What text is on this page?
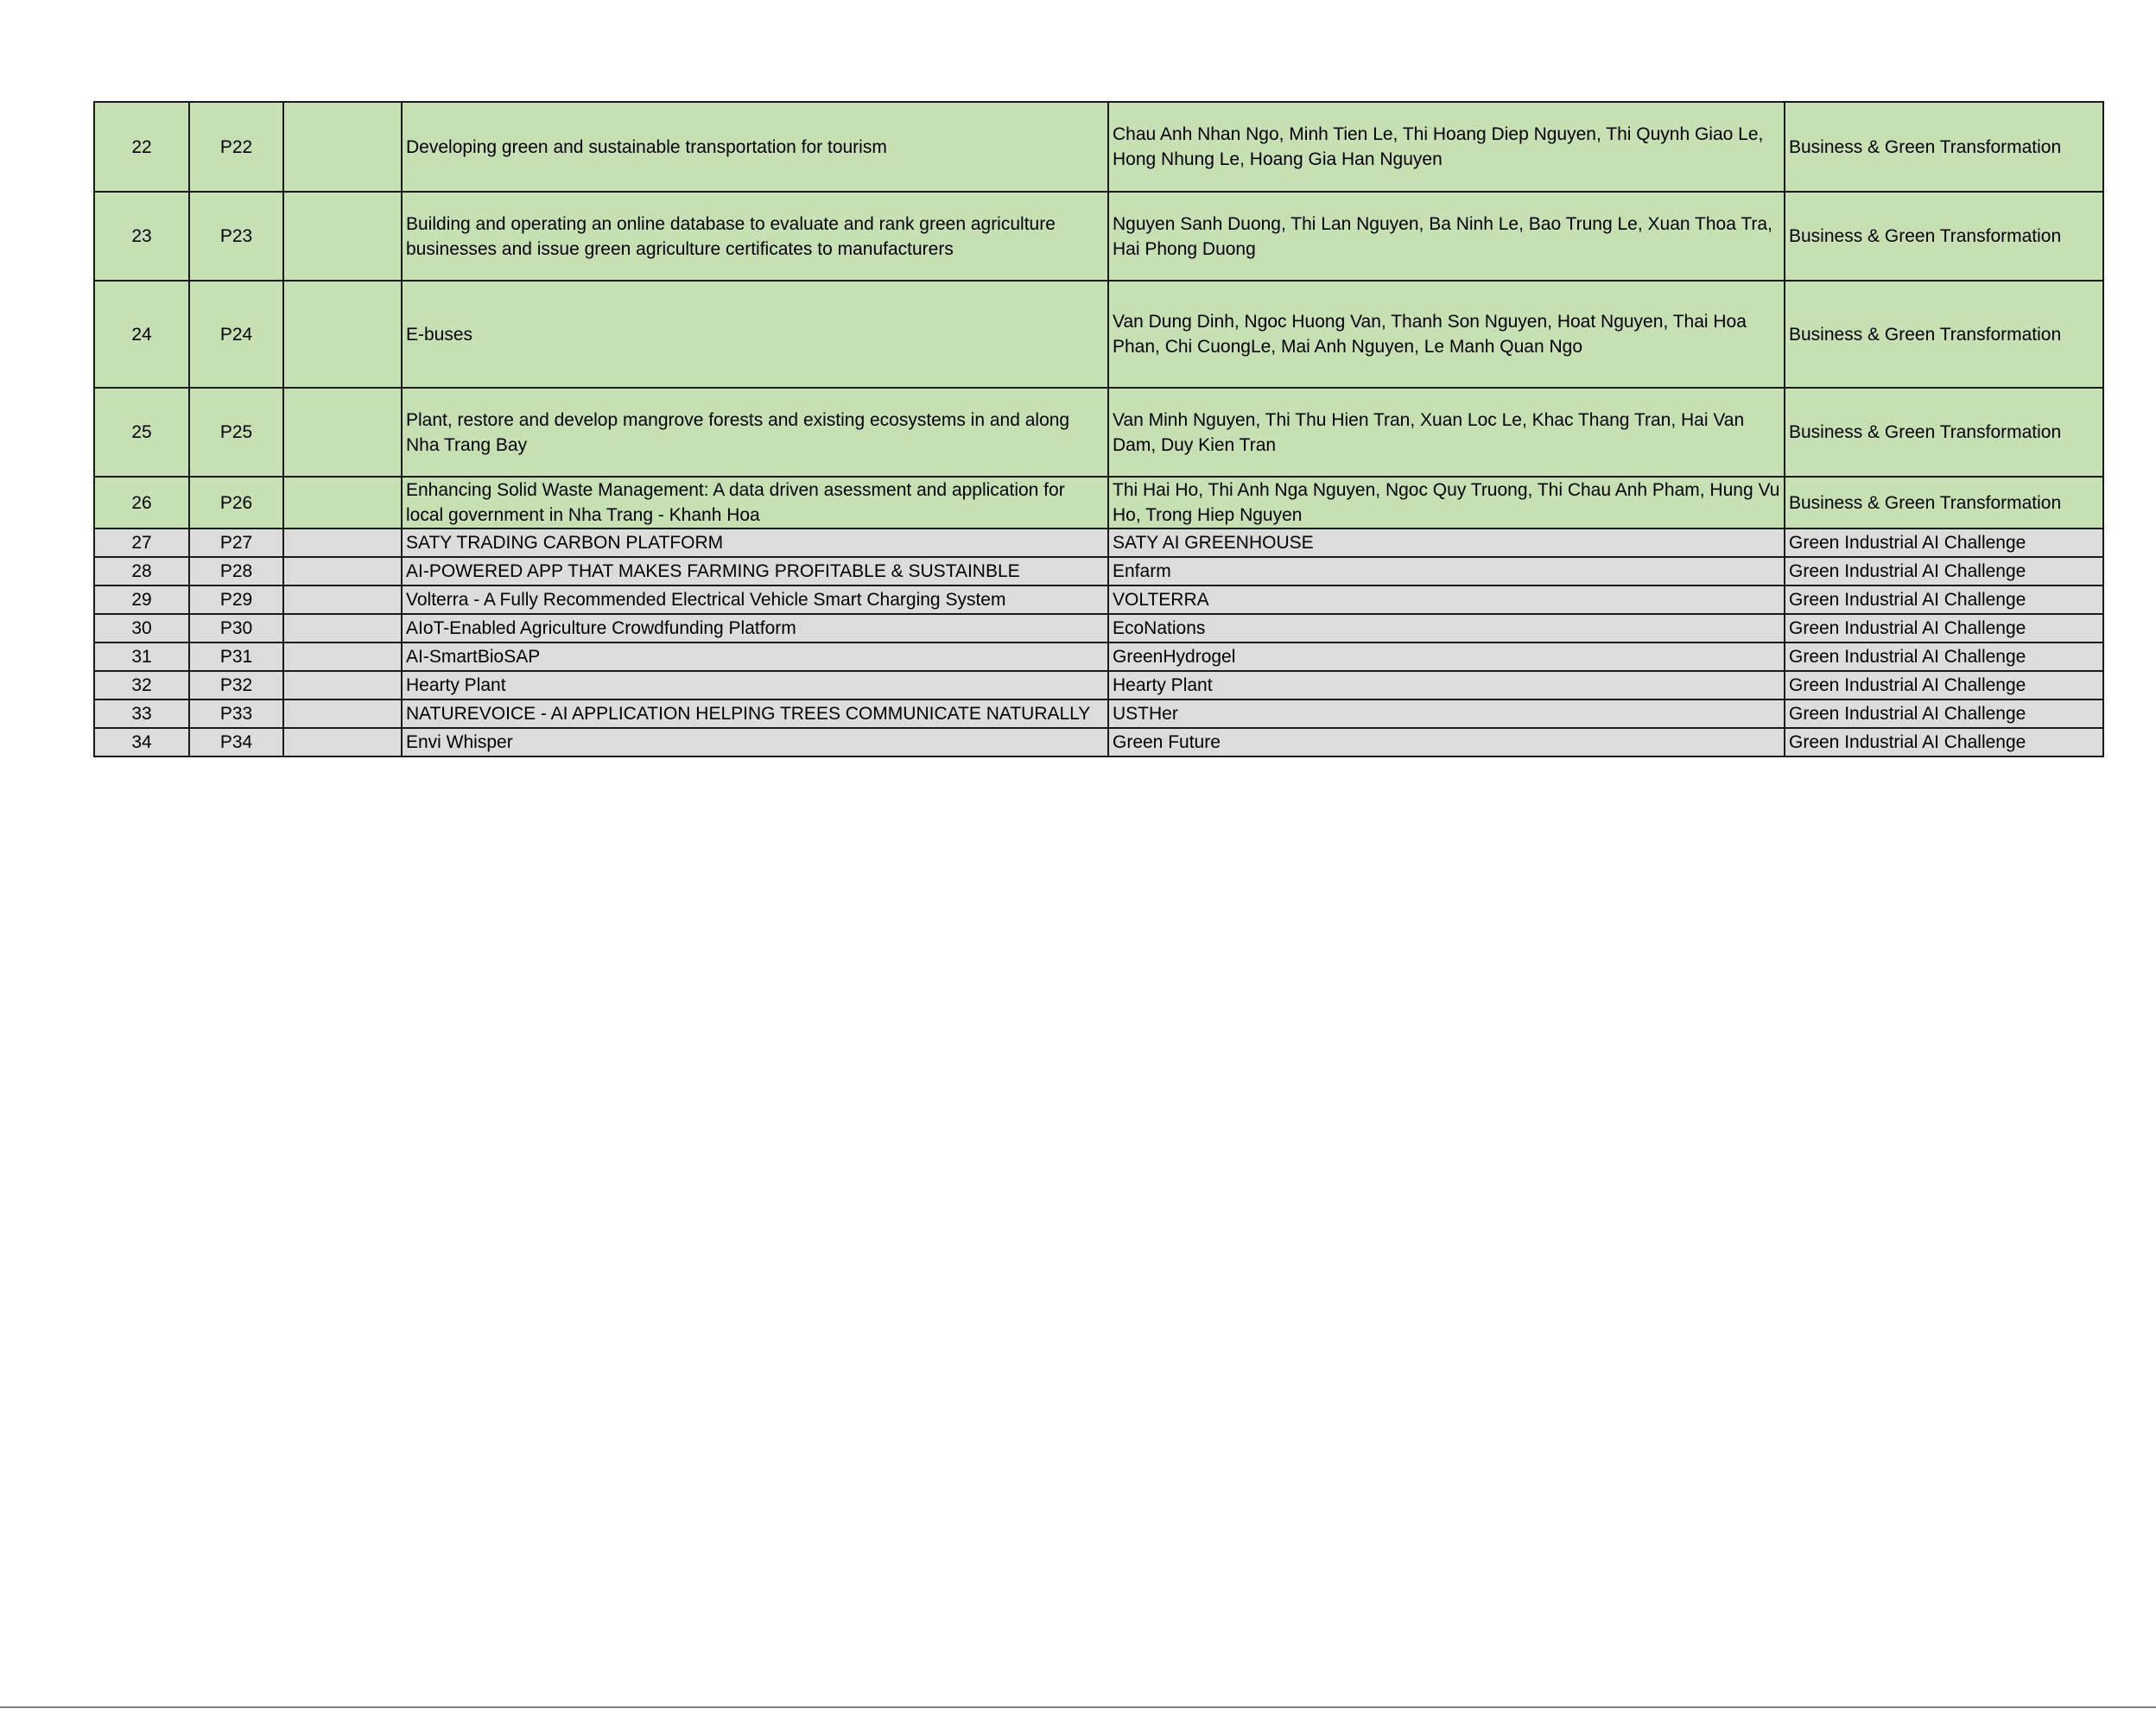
22	P22		Developing green and sustainable transportation for tourism	Chau Anh Nhan Ngo, Minh Tien Le, Thi Hoang Diep Nguyen, Thi Quynh Giao Le, Hong Nhung Le, Hoang Gia Han Nguyen	Business & Green Transformation
23	P23		Building and operating an online database to evaluate and rank green agriculture businesses and issue green agriculture certificates to manufacturers	Nguyen Sanh Duong, Thi Lan Nguyen, Ba Ninh Le, Bao Trung Le, Xuan Thoa Tra, Hai Phong Duong	Business & Green Transformation
24	P24		E-buses	Van Dung Dinh, Ngoc Huong Van, Thanh Son Nguyen, Hoat Nguyen, Thai Hoa Phan, Chi CuongLe, Mai Anh Nguyen, Le Manh Quan Ngo	Business & Green Transformation
25	P25		Plant, restore and develop mangrove forests and existing ecosystems in and along Nha Trang Bay	Van Minh Nguyen, Thi Thu Hien Tran, Xuan Loc Le, Khac Thang Tran, Hai Van Dam, Duy Kien Tran	Business & Green Transformation
26	P26		Enhancing Solid Waste Management: A data driven asessment and application for local government in Nha Trang - Khanh Hoa	Thi Hai Ho, Thi Anh Nga Nguyen, Ngoc Quy Truong, Thi Chau Anh Pham, Hung Vu Ho, Trong Hiep Nguyen	Business & Green Transformation
27	P27		SATY TRADING CARBON PLATFORM	SATY AI GREENHOUSE	Green Industrial AI Challenge
28	P28		AI-POWERED APP THAT MAKES FARMING PROFITABLE & SUSTAINBLE	Enfarm	Green Industrial AI Challenge
29	P29		Volterra - A Fully Recommended Electrical Vehicle Smart Charging System	VOLTERRA	Green Industrial AI Challenge
30	P30		AIoT-Enabled Agriculture Crowdfunding Platform	EcoNations	Green Industrial AI Challenge
31	P31		AI-SmartBioSAP	GreenHydrogel	Green Industrial AI Challenge
32	P32		Hearty Plant	Hearty Plant	Green Industrial AI Challenge
33	P33		NATUREVOICE - AI APPLICATION HELPING TREES COMMUNICATE NATURALLY	USTHer	Green Industrial AI Challenge
34	P34		Envi Whisper	Green Future	Green Industrial AI Challenge
